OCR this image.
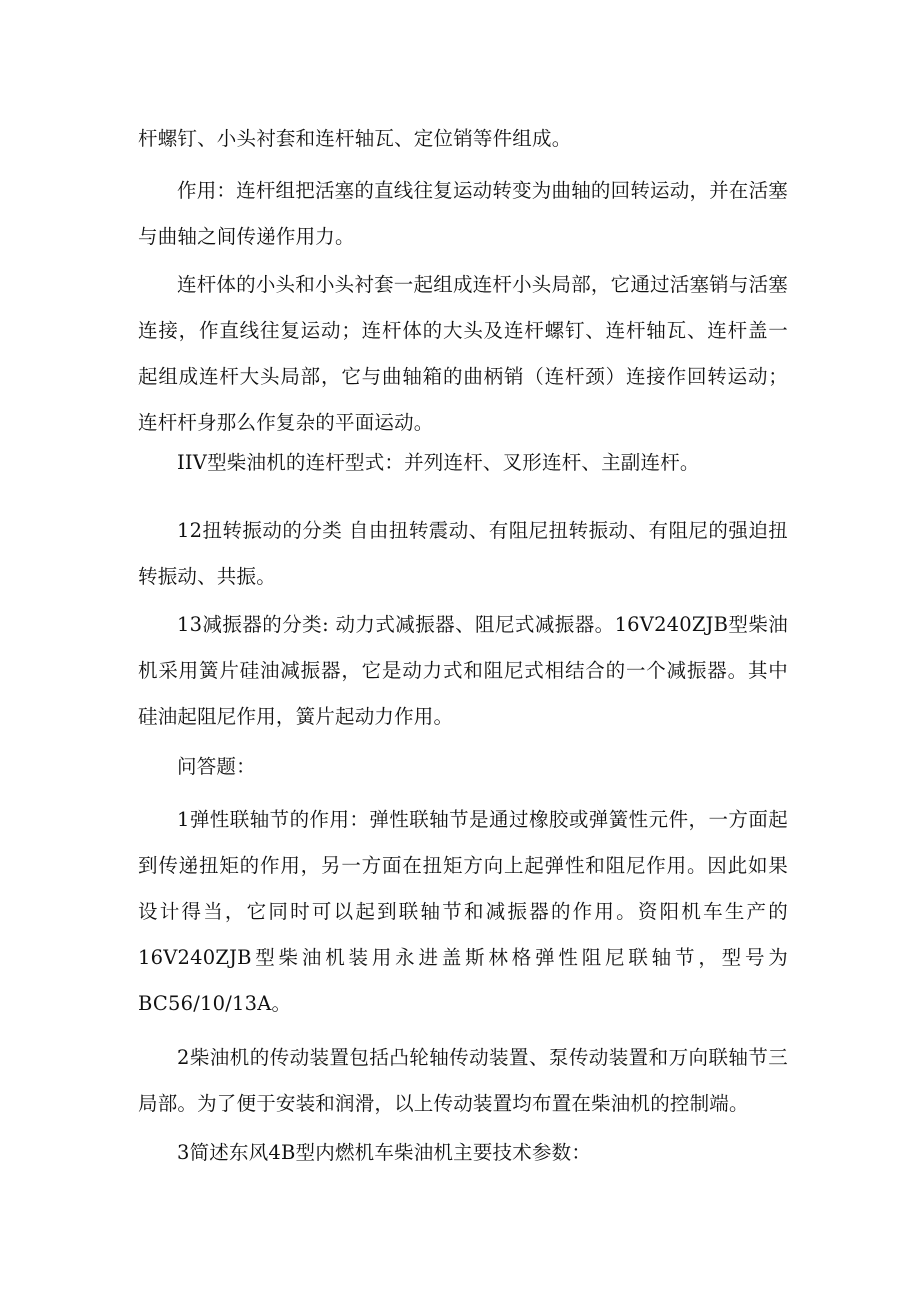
杆螺钉、小头衬套和连杆轴瓦、定位销等件组成。

作用：连杆组把活塞的直线往复运动转变为曲轴的回转运动，并在活塞与曲轴之间传递作用力。

连杆体的小头和小头衬套一起组成连杆小头局部，它通过活塞销与活塞连接，作直线往复运动；连杆体的大头及连杆螺钉、连杆轴瓦、连杆盖一起组成连杆大头局部，它与曲轴箱的曲柄销（连杆颈）连接作回转运动；连杆杆身那么作复杂的平面运动。

IIV型柴油机的连杆型式：并列连杆、叉形连杆、主副连杆。

12扭转振动的分类 自由扭转震动、有阻尼扭转振动、有阻尼的强迫扭转振动、共振。

13减振器的分类: 动力式减振器、阻尼式减振器。16V240ZJB型柴油机采用簧片硅油减振器，它是动力式和阻尼式相结合的一个减振器。其中硅油起阻尼作用，簧片起动力作用。

问答题：

1弹性联轴节的作用：弹性联轴节是通过橡胶或弹簧性元件，一方面起到传递扭矩的作用，另一方面在扭矩方向上起弹性和阻尼作用。因此如果设计得当，它同时可以起到联轴节和减振器的作用。资阳机车生产的16V240ZJB型柴油机装用永进盖斯林格弹性阻尼联轴节，型号为BC56/10/13A。

2柴油机的传动装置包括凸轮轴传动装置、泵传动装置和万向联轴节三局部。为了便于安装和润滑，以上传动装置均布置在柴油机的控制端。

3简述东风4B型内燃机车柴油机主要技术参数：
